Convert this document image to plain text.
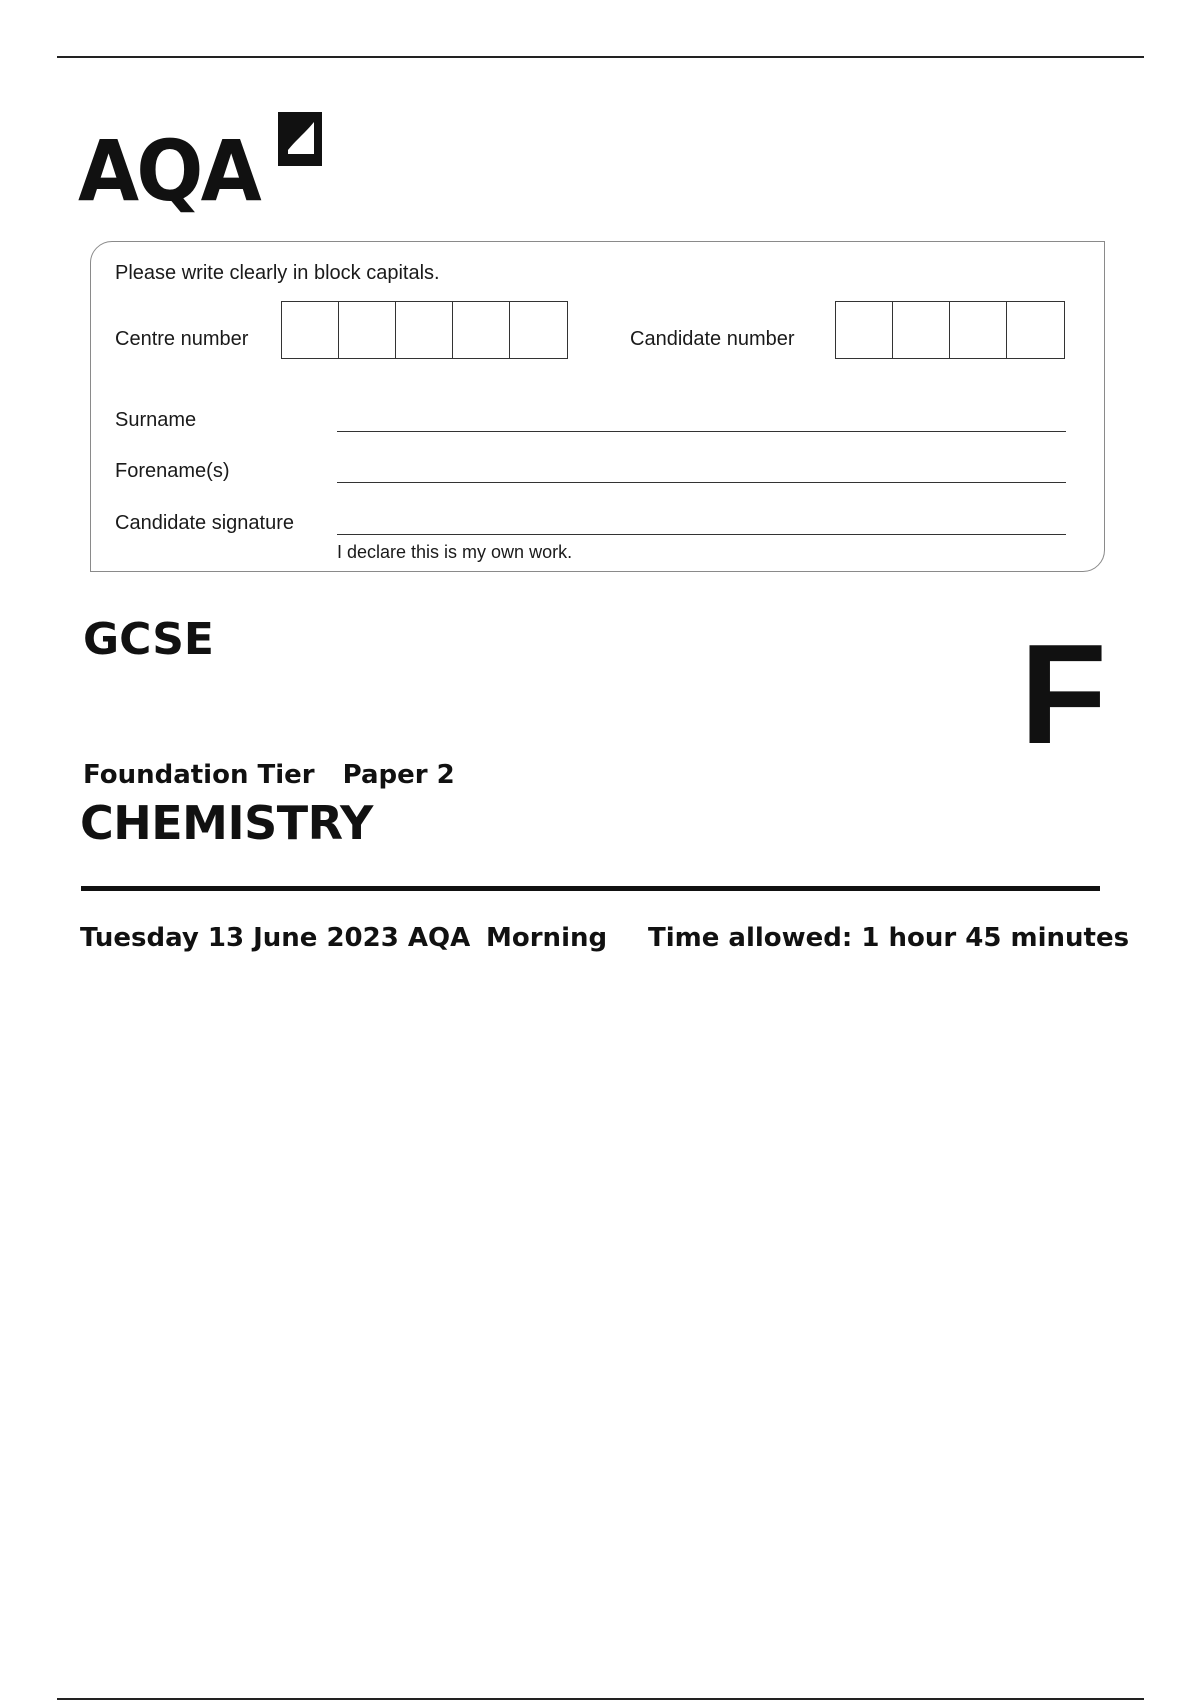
AQA
Please write clearly in block capitals.
Centre number	Candidate number
Surname
Forename(s)
Candidate signature
I declare this is my own work.
GCSE	F
Foundation Tier Paper 2
CHEMISTRY
Tuesday 13 June 2023 AQA Morning Time allowed: 1 hour 45 minutes
